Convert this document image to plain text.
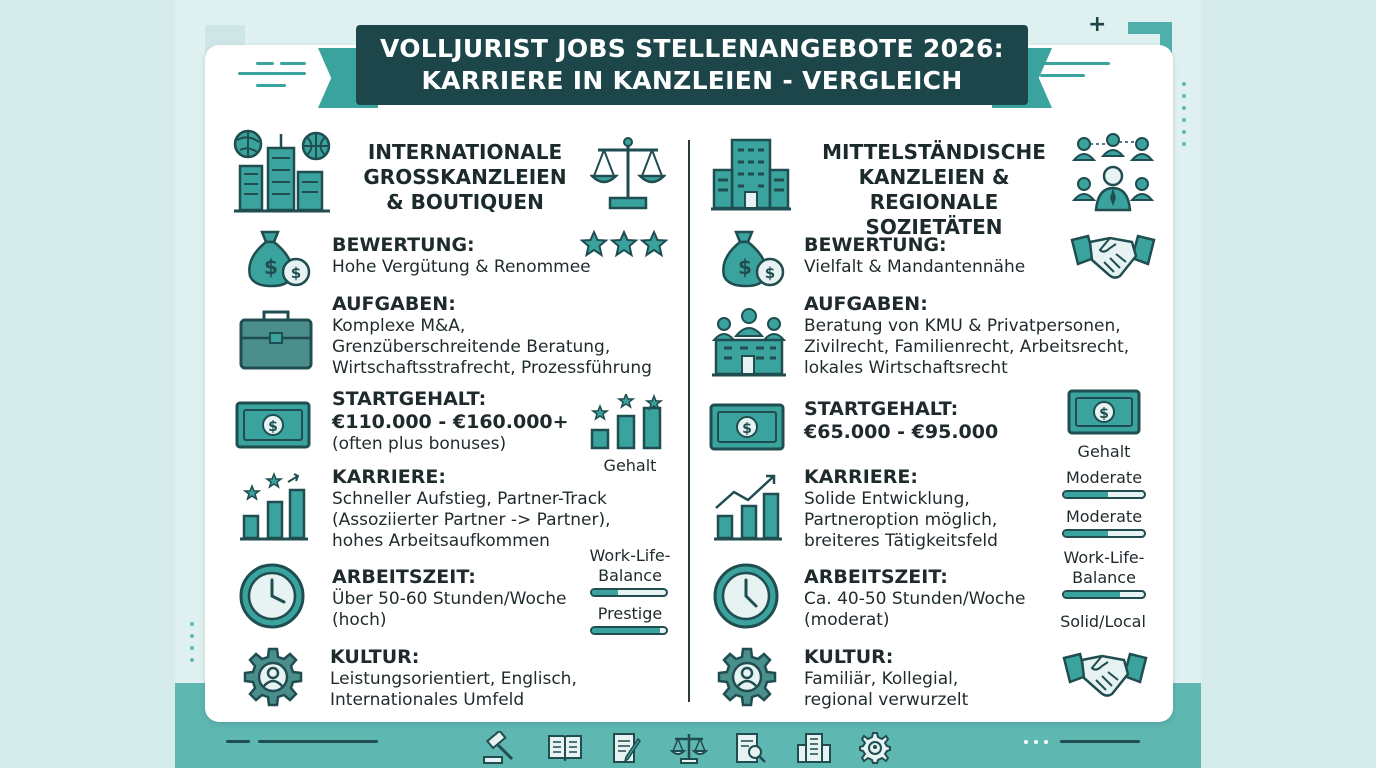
VOLLJURIST JOBS STELLENANGEBOTE 2026:
KARRIERE IN KANZLEIEN - VERGLEICH
+
INTERNATIONALE
GROSSKANZLEIEN
& BOUTIQUEN
$ $
BEWERTUNG:
Hohe Vergütung & Renommee
AUFGABEN:
Komplexe M&A,
Grenzüberschreitende Beratung,
Wirtschaftsstrafrecht, Prozessführung
$
STARTGEHALT:
€110.000 - €160.000+
(often plus bonuses)
Gehalt
KARRIERE:
Schneller Aufstieg, Partner-Track
(Assoziierter Partner -> Partner),
hohes Arbeitsaufkommen
ARBEITSZEIT:
Über 50-60 Stunden/Woche
(hoch)
Work-Life-
Balance
Prestige
KULTUR:
Leistungsorientiert, Englisch,
Internationales Umfeld
MITTELSTÄNDISCHE
KANZLEIEN &
REGIONALE SOZIETÄTEN
$ $
BEWERTUNG:
Vielfalt & Mandantennähe
AUFGABEN:
Beratung von KMU & Privatpersonen,
Zivilrecht, Familienrecht, Arbeitsrecht,
lokales Wirtschaftsrecht
$
STARTGEHALT:
€65.000 - €95.000
$
Gehalt
KARRIERE:
Solide Entwicklung,
Partneroption möglich,
breiteres Tätigkeitsfeld
Moderate
Moderate
ARBEITSZEIT:
Ca. 40-50 Stunden/Woche
(moderat)
Work-Life-
Balance
Solid/Local
KULTUR:
Familiär, Kollegial,
regional verwurzelt
